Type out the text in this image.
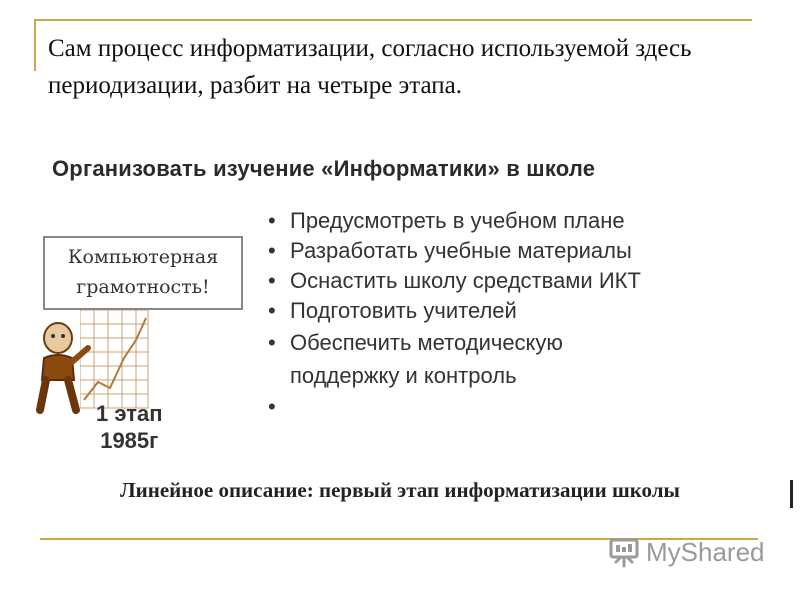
Сам процесс информатизации, согласно используемой здесь периодизации, разбит на четыре этапа.

Организовать изучение «Информатики» в школе
Компьютерная
грамотность!
1 этап
1985г
• Предусмотреть в учебном плане
• Разработать учебные материалы
• Оснастить школу средствами ИКТ
• Подготовить учителей
• Обеспечить методическую
поддержку и контроль
Линейное описание: первый этап информатизации школы
MyShared
